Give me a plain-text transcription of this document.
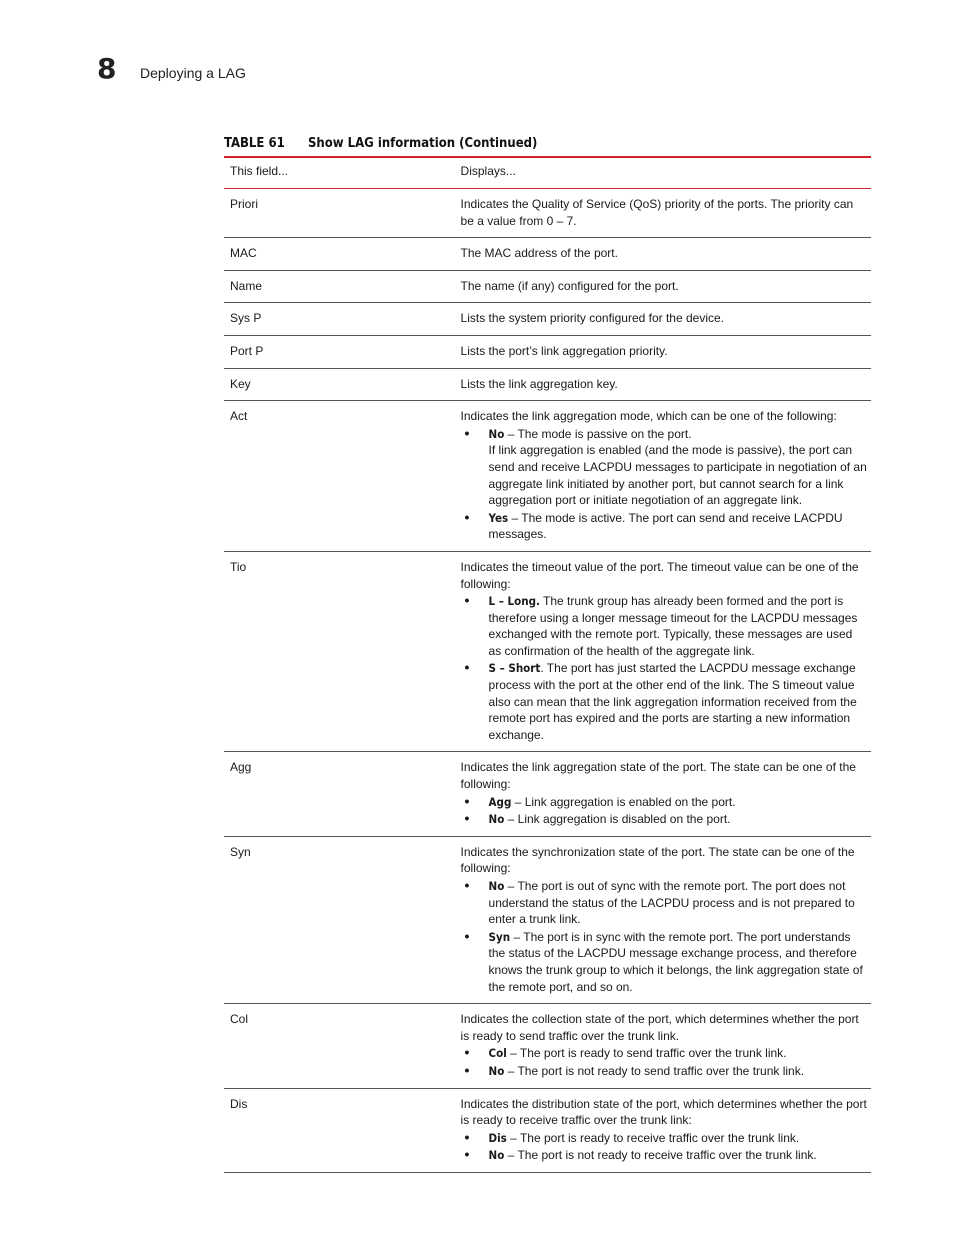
8 Deploying a LAG
TABLE 61 Show LAG information (Continued)
This field...	Displays...
Priori	Indicates the Quality of Service (QoS) priority of the ports. The priority can be a value from 0 – 7.
MAC	The MAC address of the port.
Name	The name (if any) configured for the port.
Sys P	Lists the system priority configured for the device.
Port P	Lists the port’s link aggregation priority.
Key	Lists the link aggregation key.
Act	Indicates the link aggregation mode, which can be one of the following:
• No – The mode is passive on the port.
If link aggregation is enabled (and the mode is passive), the port can send and receive LACPDU messages to participate in negotiation of an aggregate link initiated by another port, but cannot search for a link aggregation port or initiate negotiation of an aggregate link.
• Yes – The mode is active. The port can send and receive LACPDU messages.
Tio	Indicates the timeout value of the port. The timeout value can be one of the following:
• L – Long. The trunk group has already been formed and the port is therefore using a longer message timeout for the LACPDU messages exchanged with the remote port. Typically, these messages are used as confirmation of the health of the aggregate link.
• S – Short. The port has just started the LACPDU message exchange process with the port at the other end of the link. The S timeout value also can mean that the link aggregation information received from the remote port has expired and the ports are starting a new information exchange.
Agg	Indicates the link aggregation state of the port. The state can be one of the following:
• Agg – Link aggregation is enabled on the port.
• No – Link aggregation is disabled on the port.
Syn	Indicates the synchronization state of the port. The state can be one of the following:
• No – The port is out of sync with the remote port. The port does not understand the status of the LACPDU process and is not prepared to enter a trunk link.
• Syn – The port is in sync with the remote port. The port understands the status of the LACPDU message exchange process, and therefore knows the trunk group to which it belongs, the link aggregation state of the remote port, and so on.
Col	Indicates the collection state of the port, which determines whether the port is ready to send traffic over the trunk link.
• Col – The port is ready to send traffic over the trunk link.
• No – The port is not ready to send traffic over the trunk link.
Dis	Indicates the distribution state of the port, which determines whether the port is ready to receive traffic over the trunk link:
• Dis – The port is ready to receive traffic over the trunk link.
• No – The port is not ready to receive traffic over the trunk link.
